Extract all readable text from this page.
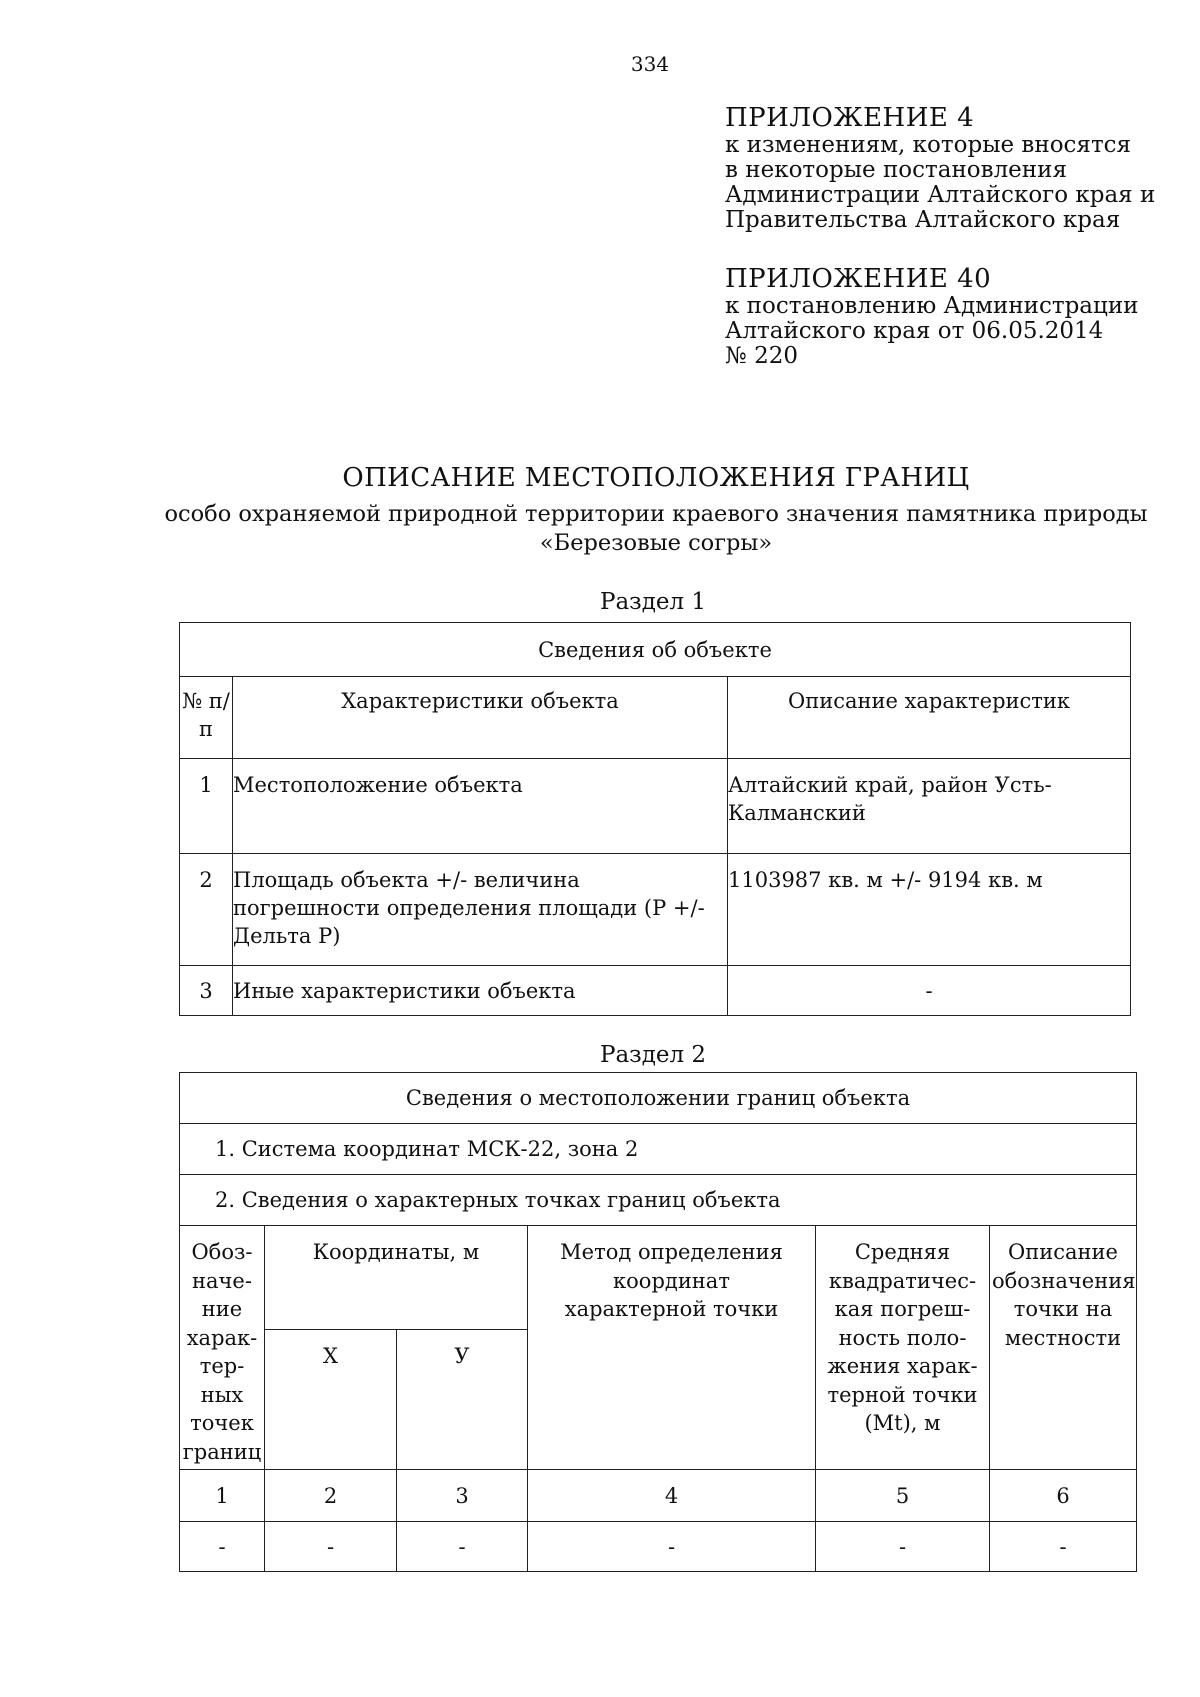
334
ПРИЛОЖЕНИЕ 4
к изменениям, которые вносятся
в некоторые постановления
Администрации Алтайского края и
Правительства Алтайского края
ПРИЛОЖЕНИЕ 40
к постановлению Администрации
Алтайского края от 06.05.2014
№ 220
ОПИСАНИЕ МЕСТОПОЛОЖЕНИЯ ГРАНИЦ
особо охраняемой природной территории краевого значения памятника природы
«Березовые согры»
Раздел 1
Сведения об объекте		
№ п/п	Характеристики объекта	Описание характеристик
1	Местоположение объекта	Алтайский край, район Усть-Калманский
2	Площадь объекта +/- величина погрешности определения площади (P +/- Дельта P)	1103987 кв. м +/- 9194 кв. м
3	Иные характеристики объекта	-
Раздел 2
Сведения о местоположении границ объекта					
1. Система координат МСК-22, зона 2					
2. Сведения о характерных точках границ объекта					
Обоз-наче-ние харак-тер-ных точек границ	Координаты, м		Метод определения координат характерной точки	Средняя квадратичес-кая погреш-ность поло-жения харак-терной точки (Mt), м	Описание обозначения точки на местности
	X	У			
1	2	3	4	5	6
-	-	-	-	-	-
